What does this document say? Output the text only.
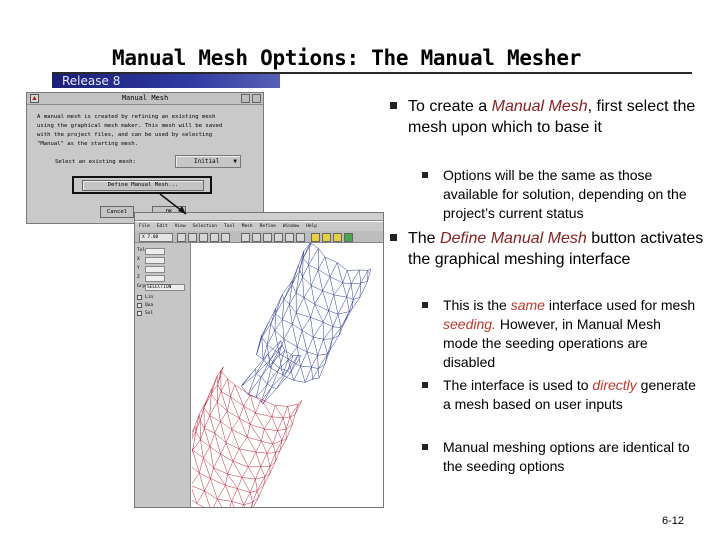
Manual Mesh Options: The Manual Mesher
Release 8
▲	Manual Mesh
A manual mesh is created by refining an existing mesh
using the graphical mesh maker. This mesh will be saved
with the project files, and can be used by selecting
"Manual" as the starting mesh.
Select an existing mesh:	Initial ▼
Define Manual Mesh...
Cancel
File Edit View Selection Tool Mesh Refine Window Help
X 7.00
Tol
X
Y
Z
Grp SELECTION
Lin
Qua
Sol
To create a Manual Mesh, first select the mesh upon which to base it
Options will be the same as those available for solution, depending on the project’s current status
The Define Manual Mesh button activates the graphical meshing interface
This is the same interface used for mesh seeding. However, in Manual Mesh mode the seeding operations are disabled
The interface is used to directly generate a mesh based on user inputs
Manual meshing options are identical to the seeding options
6-12
